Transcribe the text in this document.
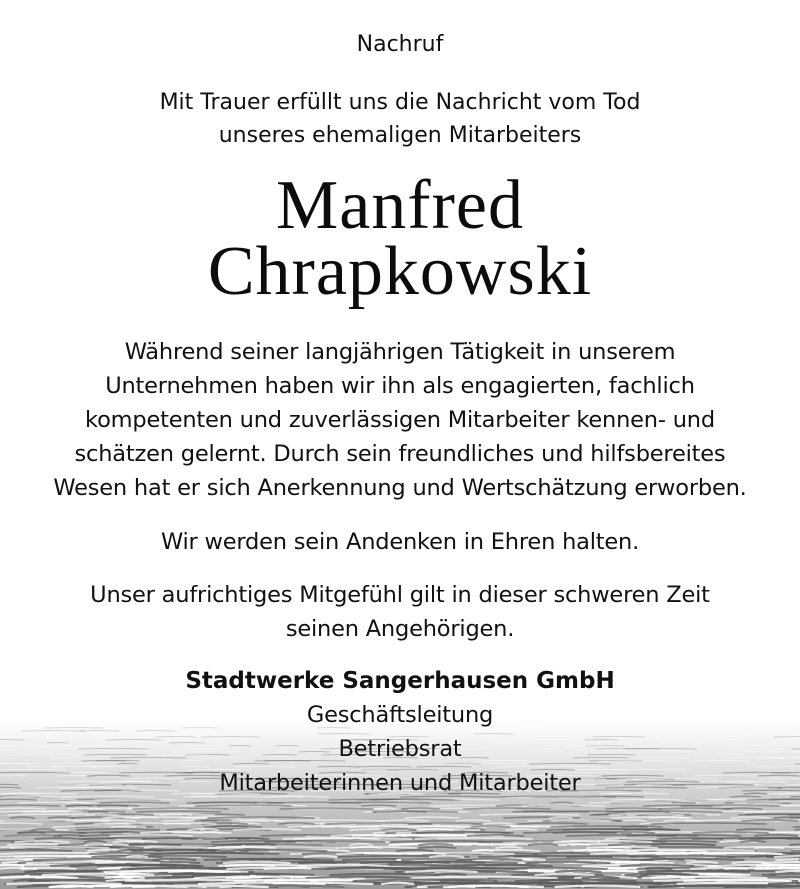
Nachruf
Mit Trauer erfüllt uns die Nachricht vom Tod
unseres ehemaligen Mitarbeiters
Manfred
Chrapkowski
Während seiner langjährigen Tätigkeit in unserem
Unternehmen haben wir ihn als engagierten, fachlich
kompetenten und zuverlässigen Mitarbeiter kennen- und
schätzen gelernt. Durch sein freundliches und hilfsbereites
Wesen hat er sich Anerkennung und Wertschätzung erworben.
Wir werden sein Andenken in Ehren halten.
Unser aufrichtiges Mitgefühl gilt in dieser schweren Zeit
seinen Angehörigen.
Stadtwerke Sangerhausen GmbH
Geschäftsleitung
Betriebsrat
Mitarbeiterinnen und Mitarbeiter
